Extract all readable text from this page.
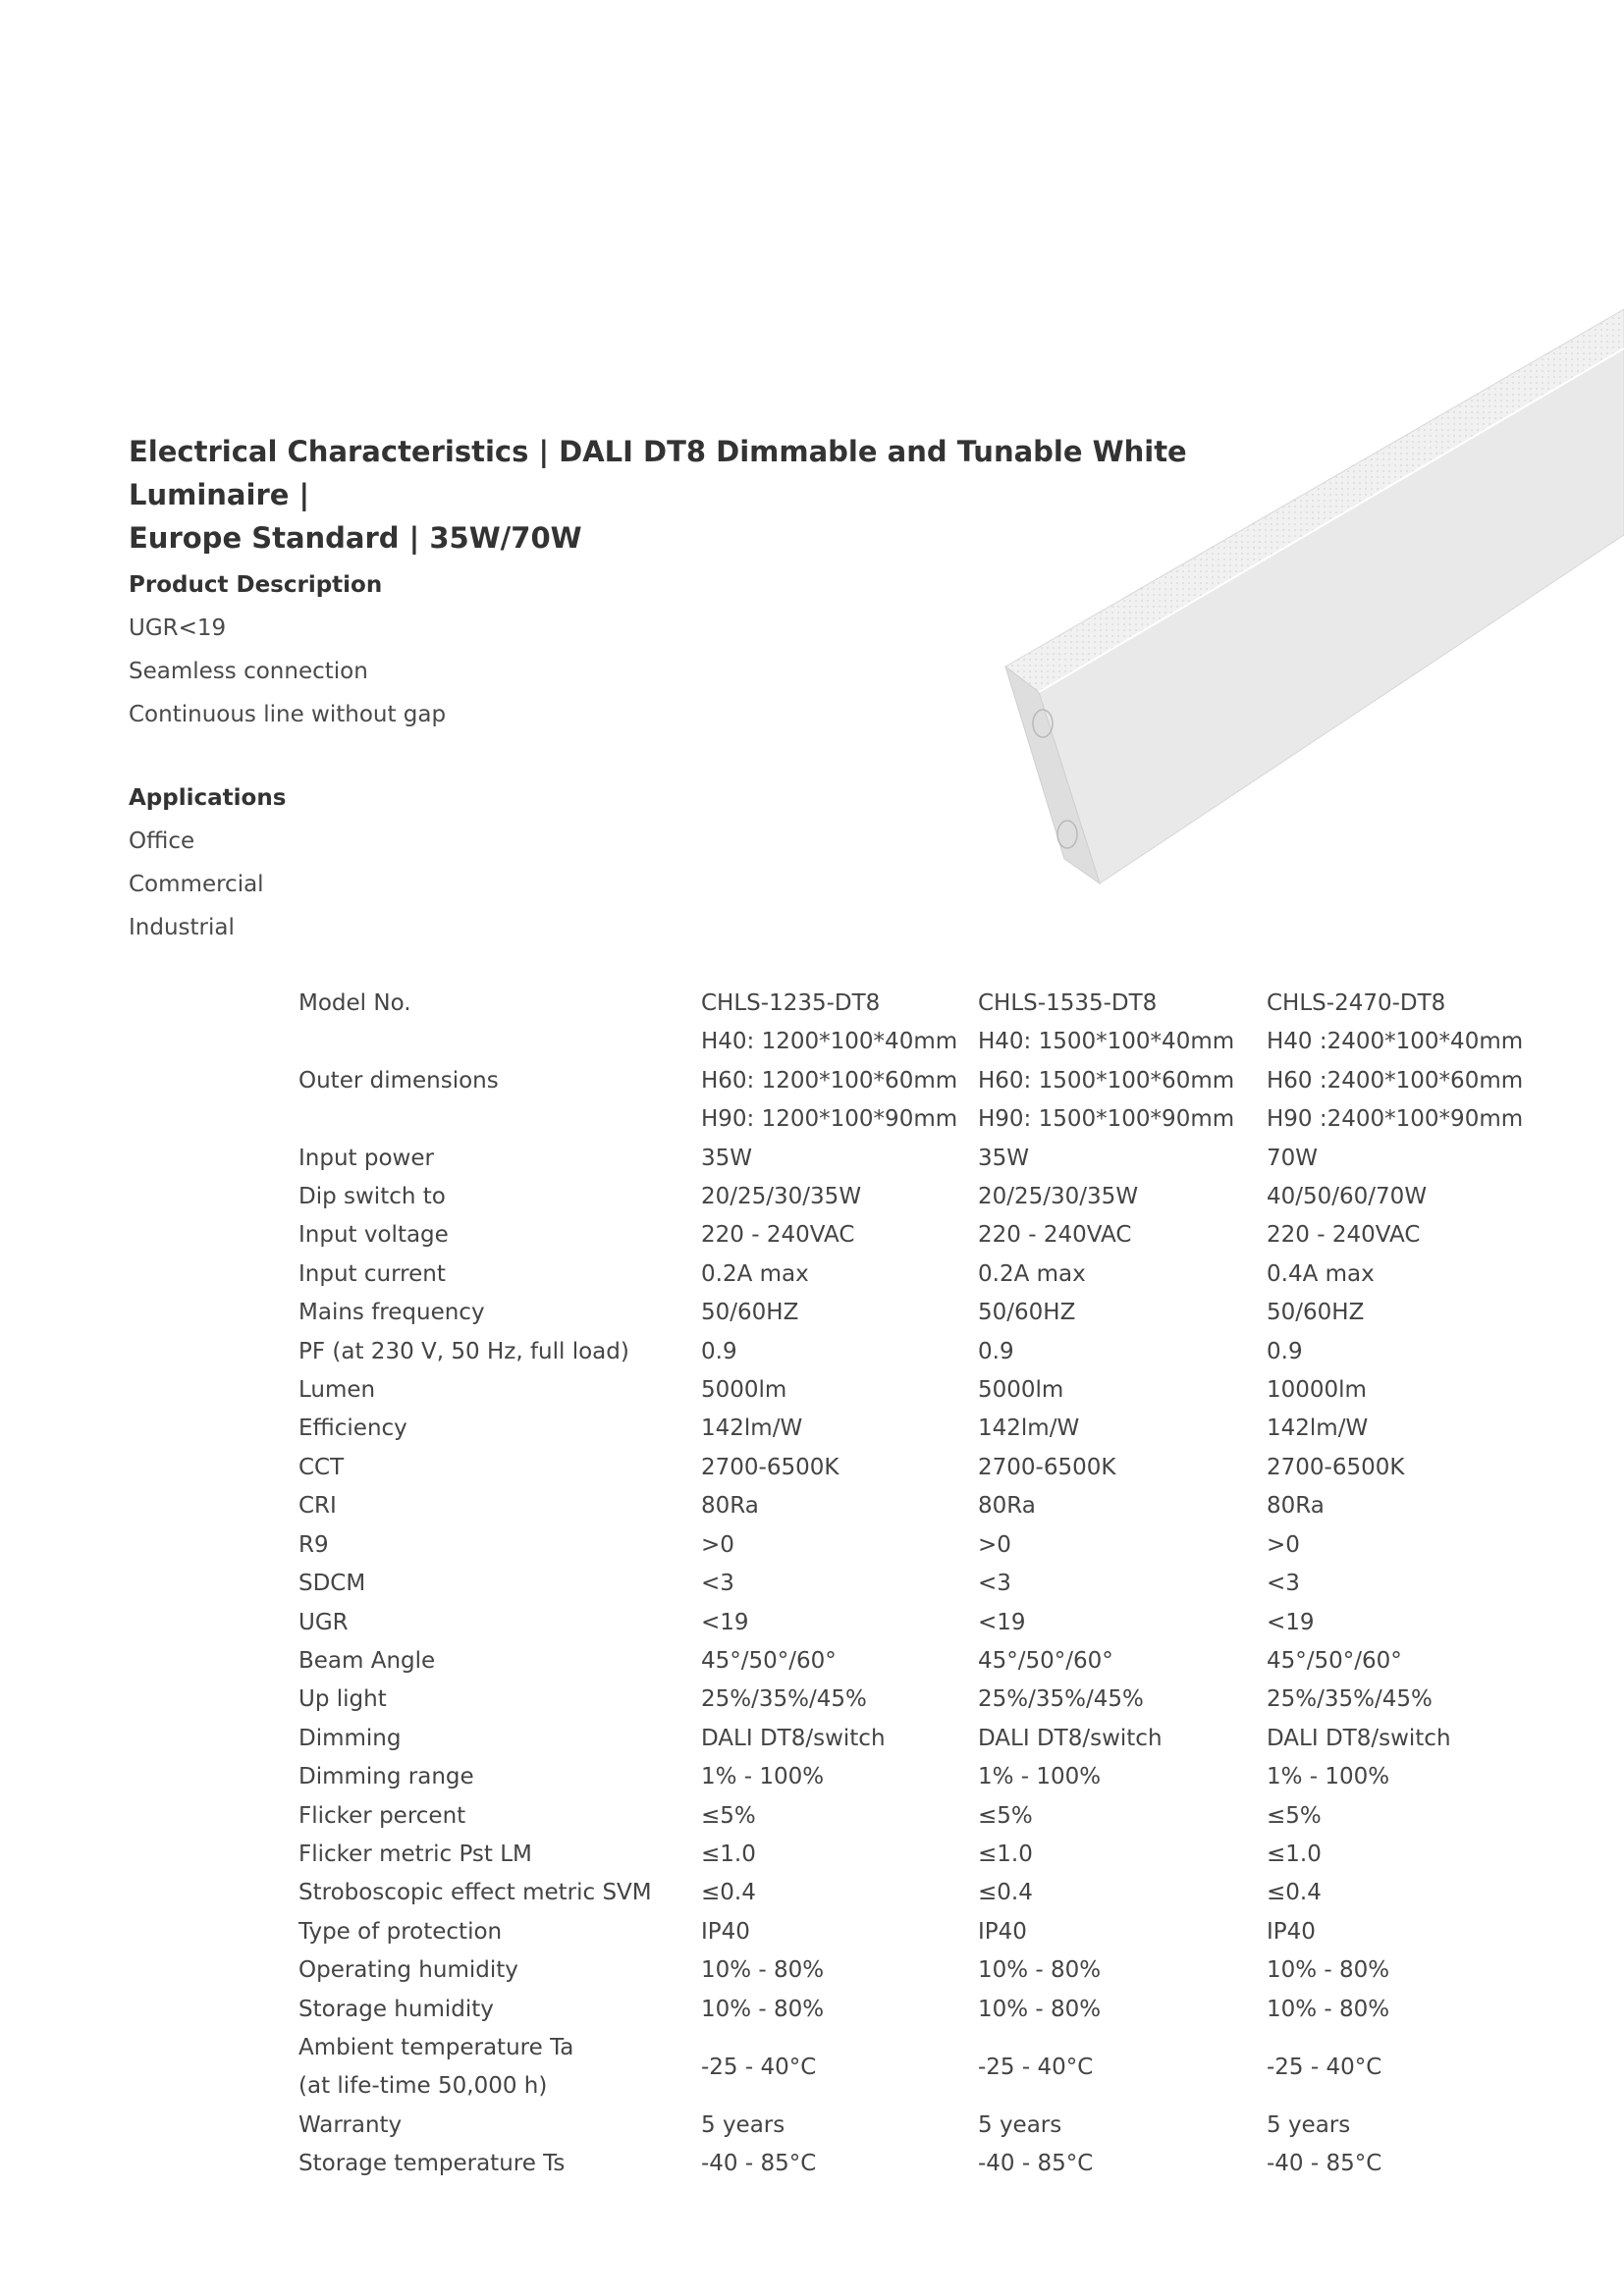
Electrical Characteristics | DALI DT8 Dimmable and Tunable White Luminaire |
Europe Standard | 35W/70W
Product Description
UGR<19
Seamless connection
Continuous line without gap
Applications
Office
Commercial
Industrial
Model No.	CHLS-1235-DT8	CHLS-1535-DT8	CHLS-2470-DT8
	H40: 1200*100*40mm	H40: 1500*100*40mm	H40 :2400*100*40mm
Outer dimensions	H60: 1200*100*60mm	H60: 1500*100*60mm	H60 :2400*100*60mm
	H90: 1200*100*90mm	H90: 1500*100*90mm	H90 :2400*100*90mm
Input power	35W	35W	70W
Dip switch to	20/25/30/35W	20/25/30/35W	40/50/60/70W
Input voltage	220 - 240VAC	220 - 240VAC	220 - 240VAC
Input current	0.2A max	0.2A max	0.4A max
Mains frequency	50/60HZ	50/60HZ	50/60HZ
PF (at 230 V, 50 Hz, full load)	0.9	0.9	0.9
Lumen	5000lm	5000lm	10000lm
Efficiency	142lm/W	142lm/W	142lm/W
CCT	2700-6500K	2700-6500K	2700-6500K
CRI	80Ra	80Ra	80Ra
R9	>0	>0	>0
SDCM	<3	<3	<3
UGR	<19	<19	<19
Beam Angle	45°/50°/60°	45°/50°/60°	45°/50°/60°
Up light	25%/35%/45%	25%/35%/45%	25%/35%/45%
Dimming	DALI DT8/switch	DALI DT8/switch	DALI DT8/switch
Dimming range	1% - 100%	1% - 100%	1% - 100%
Flicker percent	≤5%	≤5%	≤5%
Flicker metric Pst LM	≤1.0	≤1.0	≤1.0
Stroboscopic effect metric SVM	≤0.4	≤0.4	≤0.4
Type of protection	IP40	IP40	IP40
Operating humidity	10% - 80%	10% - 80%	10% - 80%
Storage humidity	10% - 80%	10% - 80%	10% - 80%

Ambient temperature Ta
(at life-time 50,000 h)	-25 - 40°C	-25 - 40°C	-25 - 40°C
Warranty	5 years	5 years	5 years
Storage temperature Ts	-40 - 85°C	-40 - 85°C	-40 - 85°C
